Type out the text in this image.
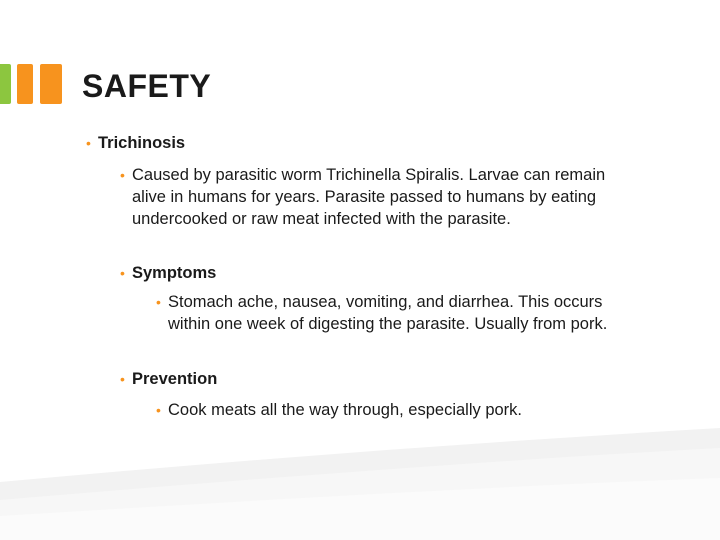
SAFETY
• Trichinosis
• Caused by parasitic worm Trichinella Spiralis. Larvae can remain alive in humans for years. Parasite passed to humans by eating undercooked or raw meat infected with the parasite.
• Symptoms
• Stomach ache, nausea, vomiting, and diarrhea. This occurs within one week of digesting the parasite. Usually from pork.
• Prevention
• Cook meats all the way through, especially pork.
